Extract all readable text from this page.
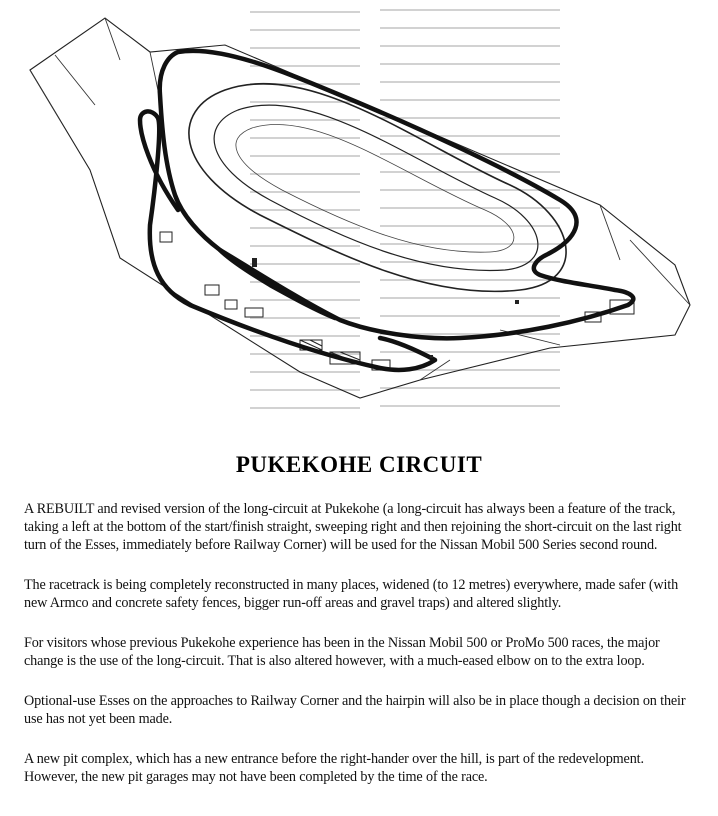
PUKEKOHE CIRCUIT

A REBUILT and revised version of the long-circuit at Pukekohe (a long-circuit has always been a feature of the track, taking a left at the bottom of the start/finish straight, sweeping right and then rejoining the short-circuit on the last right turn of the Esses, immediately before Railway Corner) will be used for the Nissan Mobil 500 Series second round.

The racetrack is being completely reconstructed in many places, widened (to 12 metres) everywhere, made safer (with new Armco and concrete safety fences, bigger run-off areas and gravel traps) and altered slightly.

For visitors whose previous Pukekohe experience has been in the Nissan Mobil 500 or ProMo 500 races, the major change is the use of the long-circuit. That is also altered however, with a much-eased elbow on to the extra loop.

Optional-use Esses on the approaches to Railway Corner and the hairpin will also be in place though a decision on their use has not yet been made.

A new pit complex, which has a new entrance before the right-hander over the hill, is part of the redevelopment. However, the new pit garages may not have been completed by the time of the race.
